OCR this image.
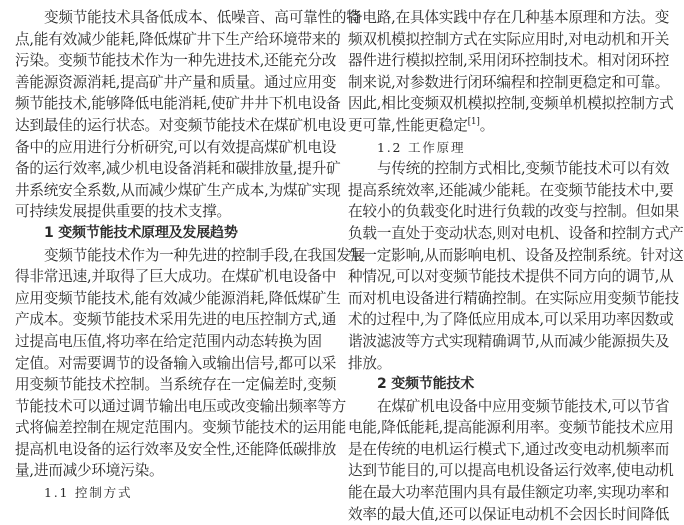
变频节能技术具备低成本、低噪音、高可靠性的特
点,能有效减少能耗,降低煤矿井下生产给环境带来的
污染。变频节能技术作为一种先进技术,还能充分改
善能源资源消耗,提高矿井产量和质量。通过应用变
频节能技术,能够降低电能消耗,使矿井井下机电设备
达到最佳的运行状态。对变频节能技术在煤矿机电设
备中的应用进行分析研究,可以有效提高煤矿机电设
备的运行效率,减少机电设备消耗和碳排放量,提升矿
井系统安全系数,从而减少煤矿生产成本,为煤矿实现
可持续发展提供重要的技术支撑。
1 变频节能技术原理及发展趋势
变频节能技术作为一种先进的控制手段,在我国发展
得非常迅速,并取得了巨大成功。在煤矿机电设备中
应用变频节能技术,能有效减少能源消耗,降低煤矿生
产成本。变频节能技术采用先进的电压控制方式,通
过提高电压值,将功率在给定范围内动态转换为固
定值。对需要调节的设备输入或输出信号,都可以采
用变频节能技术控制。当系统存在一定偏差时,变频
节能技术可以通过调节输出电压或改变输出频率等方
式将偏差控制在规定范围内。变频节能技术的运用能
提高机电设备的运行效率及安全性,还能降低碳排放
量,进而减少环境污染。
1.1 控制方式
备电路,在具体实践中存在几种基本原理和方法。变
频双机模拟控制方式在实际应用时,对电动机和开关
器件进行模拟控制,采用闭环控制技术。相对闭环控
制来说,对参数进行闭环编程和控制更稳定和可靠。
因此,相比变频双机模拟控制,变频单机模拟控制方式
更可靠,性能更稳定[1]。
1.2 工作原理
与传统的控制方式相比,变频节能技术可以有效
提高系统效率,还能减少能耗。在变频节能技术中,要
在较小的负载变化时进行负载的改变与控制。但如果
负载一直处于变动状态,则对电机、设备和控制方式产
生一定影响,从而影响电机、设备及控制系统。针对这
种情况,可以对变频节能技术提供不同方向的调节,从
而对机电设备进行精确控制。在实际应用变频节能技
术的过程中,为了降低应用成本,可以采用功率因数或
谐波滤波等方式实现精确调节,从而减少能源损失及
排放。
2 变频节能技术
在煤矿机电设备中应用变频节能技术,可以节省
电能,降低能耗,提高能源利用率。变频节能技术应用
是在传统的电机运行模式下,通过改变电动机频率而
达到节能目的,可以提高电机设备运行效率,使电动机
能在最大功率范围内具有最佳额定功率,实现功率和
效率的最大值,还可以保证电动机不会因长时间降低
